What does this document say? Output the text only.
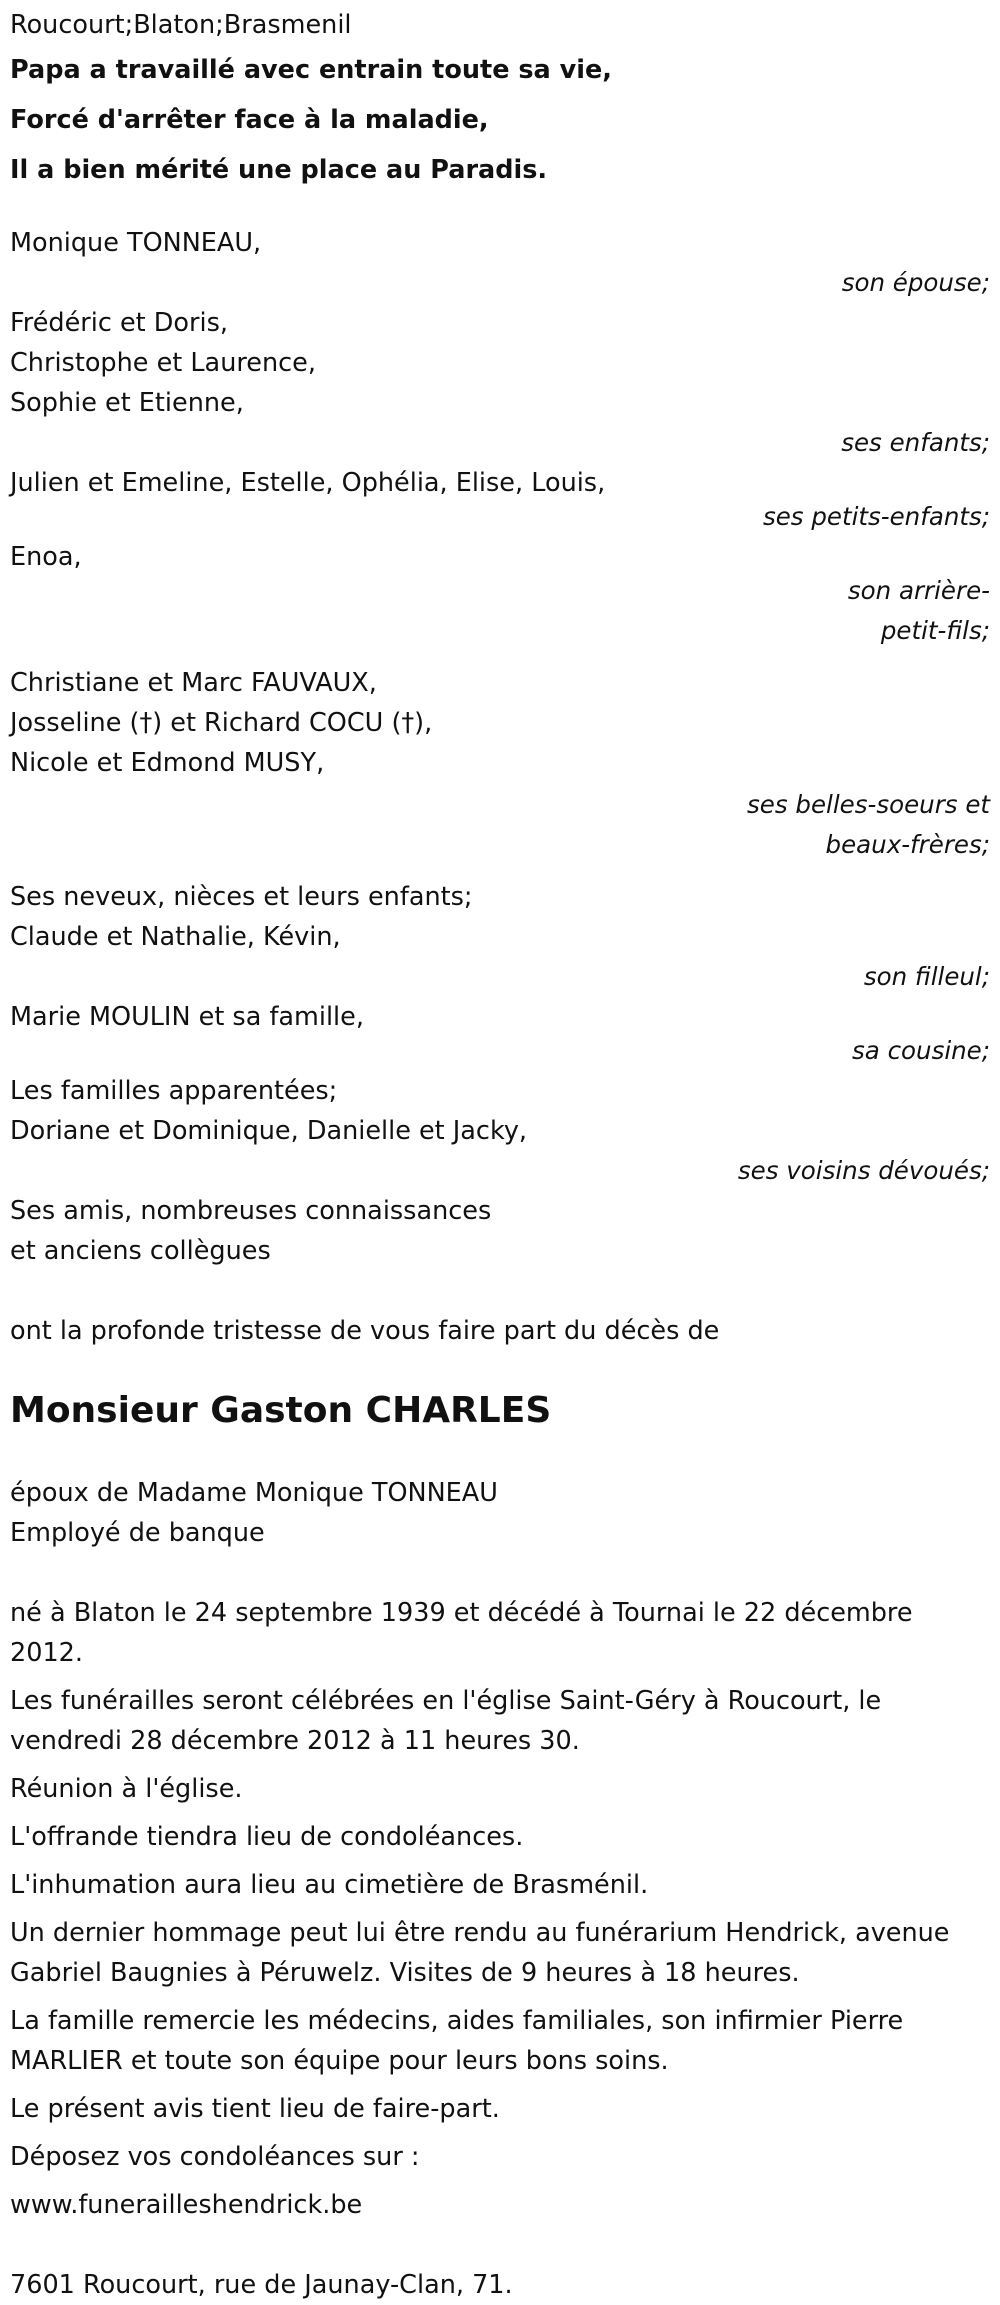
Roucourt;Blaton;Brasmenil
Papa a travaillé avec entrain toute sa vie,
Forcé d'arrêter face à la maladie,
Il a bien mérité une place au Paradis.
Monique TONNEAU,
son épouse;
Frédéric et Doris,
Christophe et Laurence,
Sophie et Etienne,
ses enfants;
Julien et Emeline, Estelle, Ophélia, Elise, Louis,
ses petits-enfants;
Enoa,
son arrière-
petit-fils;
Christiane et Marc FAUVAUX,
Josseline (†) et Richard COCU (†),
Nicole et Edmond MUSY,
ses belles-soeurs et
beaux-frères;
Ses neveux, nièces et leurs enfants;
Claude et Nathalie, Kévin,
son filleul;
Marie MOULIN et sa famille,
sa cousine;
Les familles apparentées;
Doriane et Dominique, Danielle et Jacky,
ses voisins dévoués;
Ses amis, nombreuses connaissances
et anciens collègues
ont la profonde tristesse de vous faire part du décès de
Monsieur Gaston CHARLES
époux de Madame Monique TONNEAU
Employé de banque
né à Blaton le 24 septembre 1939 et décédé à Tournai le 22 décembre 2012.
Les funérailles seront célébrées en l'église Saint-Géry à Roucourt, le vendredi 28 décembre 2012 à 11 heures 30.
Réunion à l'église.
L'offrande tiendra lieu de condoléances.
L'inhumation aura lieu au cimetière de Brasménil.
Un dernier hommage peut lui être rendu au funérarium Hendrick, avenue Gabriel Baugnies à Péruwelz. Visites de 9 heures à 18 heures.
La famille remercie les médecins, aides familiales, son infirmier Pierre MARLIER et toute son équipe pour leurs bons soins.
Le présent avis tient lieu de faire-part.
Déposez vos condoléances sur :
www.funerailleshendrick.be
7601 Roucourt, rue de Jaunay-Clan, 71.
